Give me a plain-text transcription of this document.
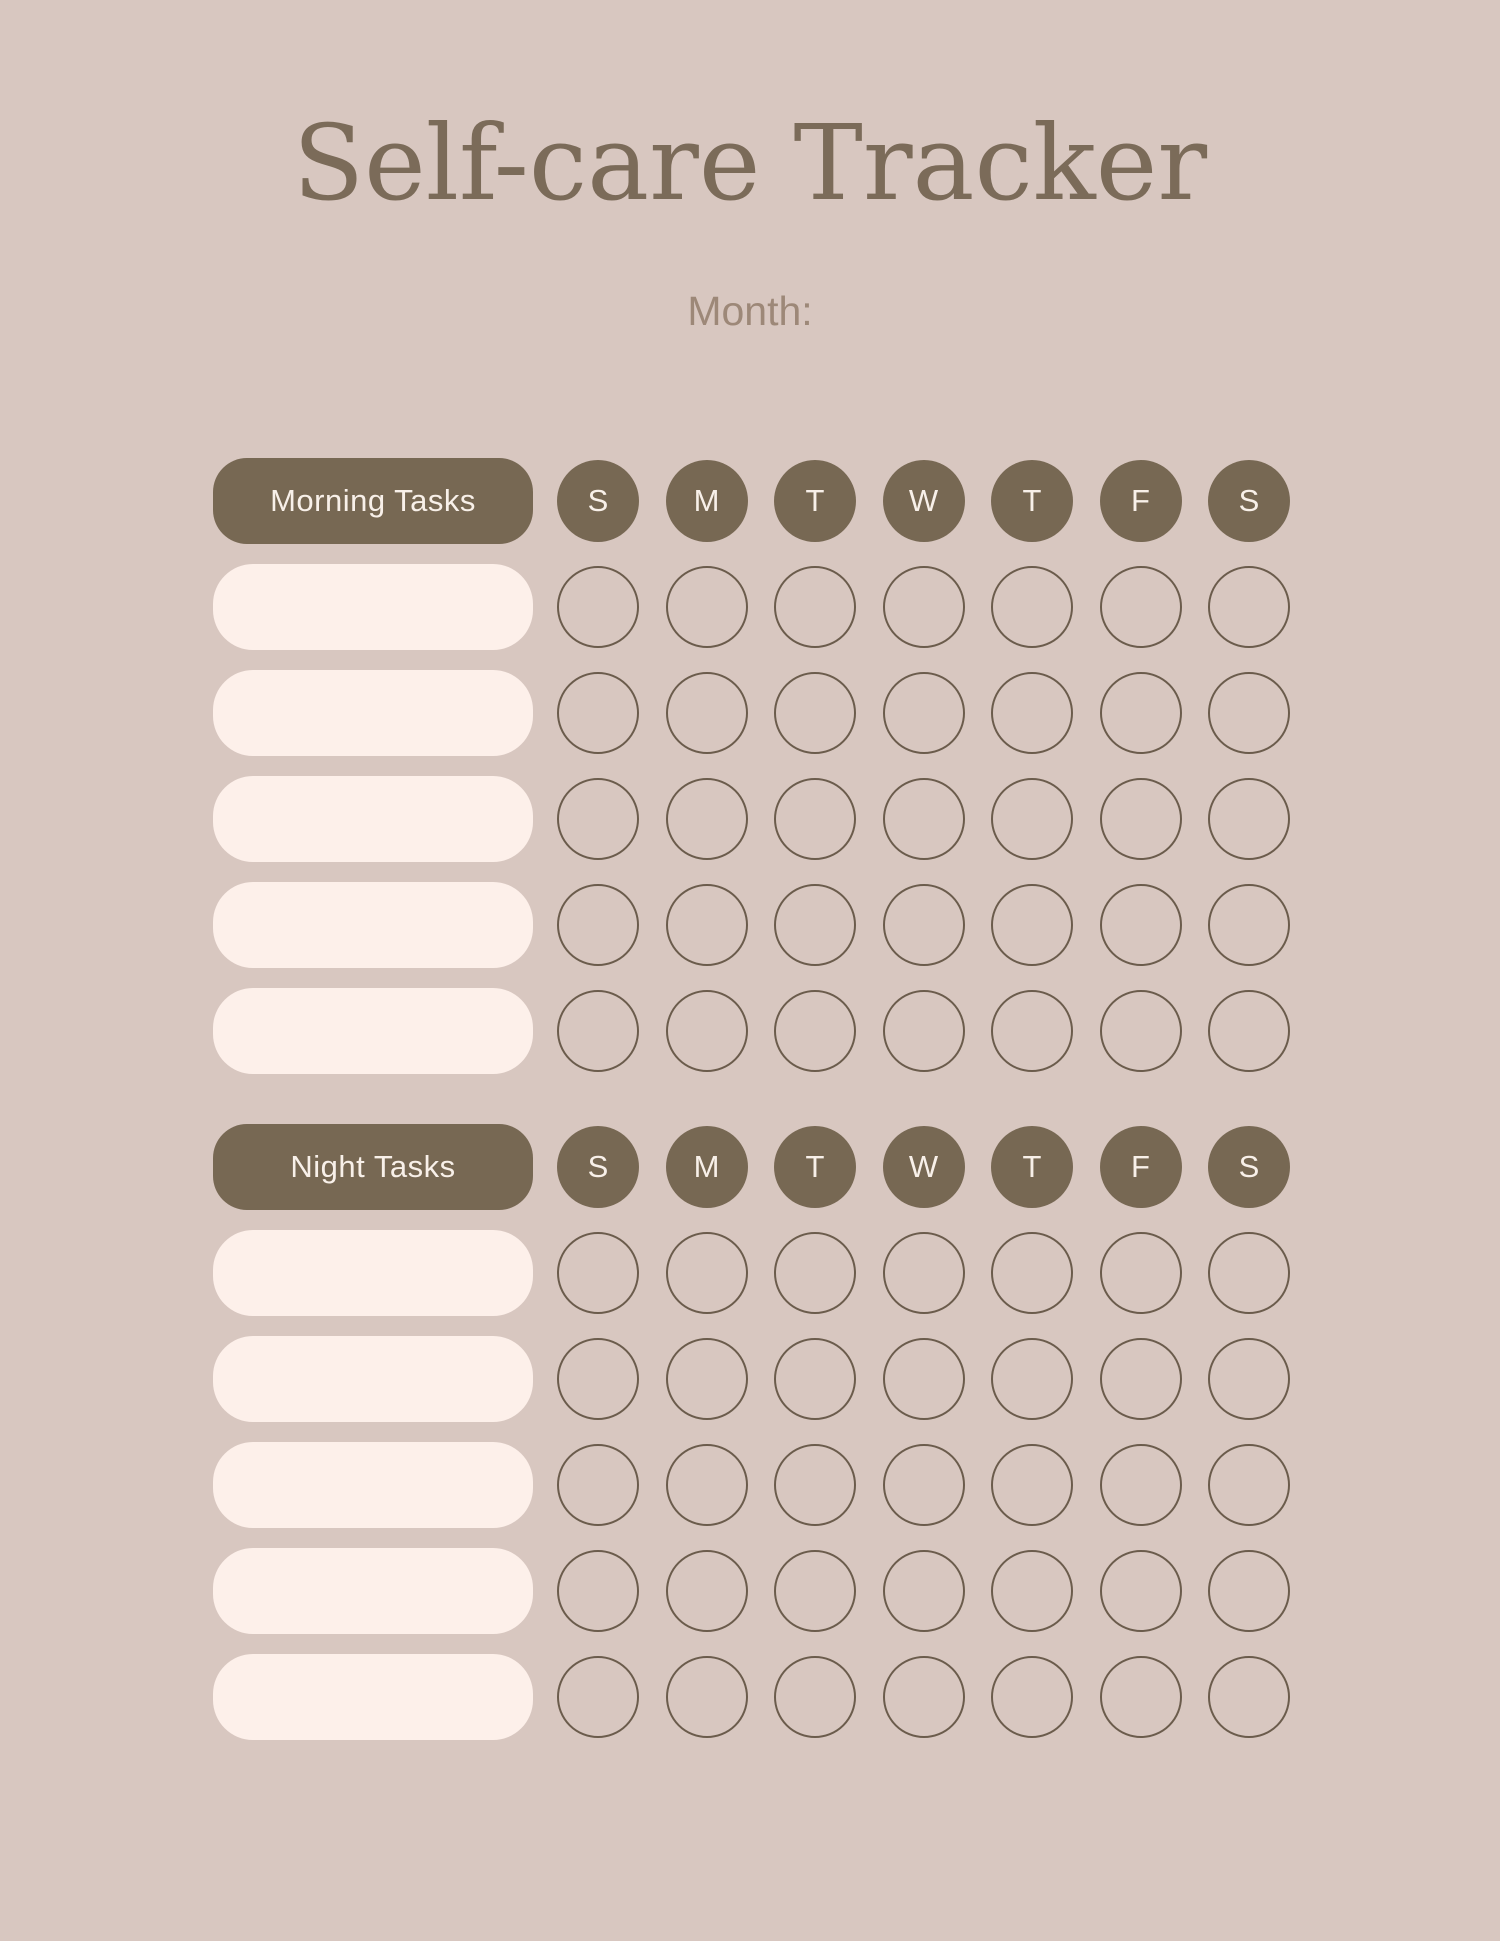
Self-care Tracker
Month:
Morning Tasks	S	M	T	W	T	F	S
Night Tasks	S	M	T	W	T	F	S
